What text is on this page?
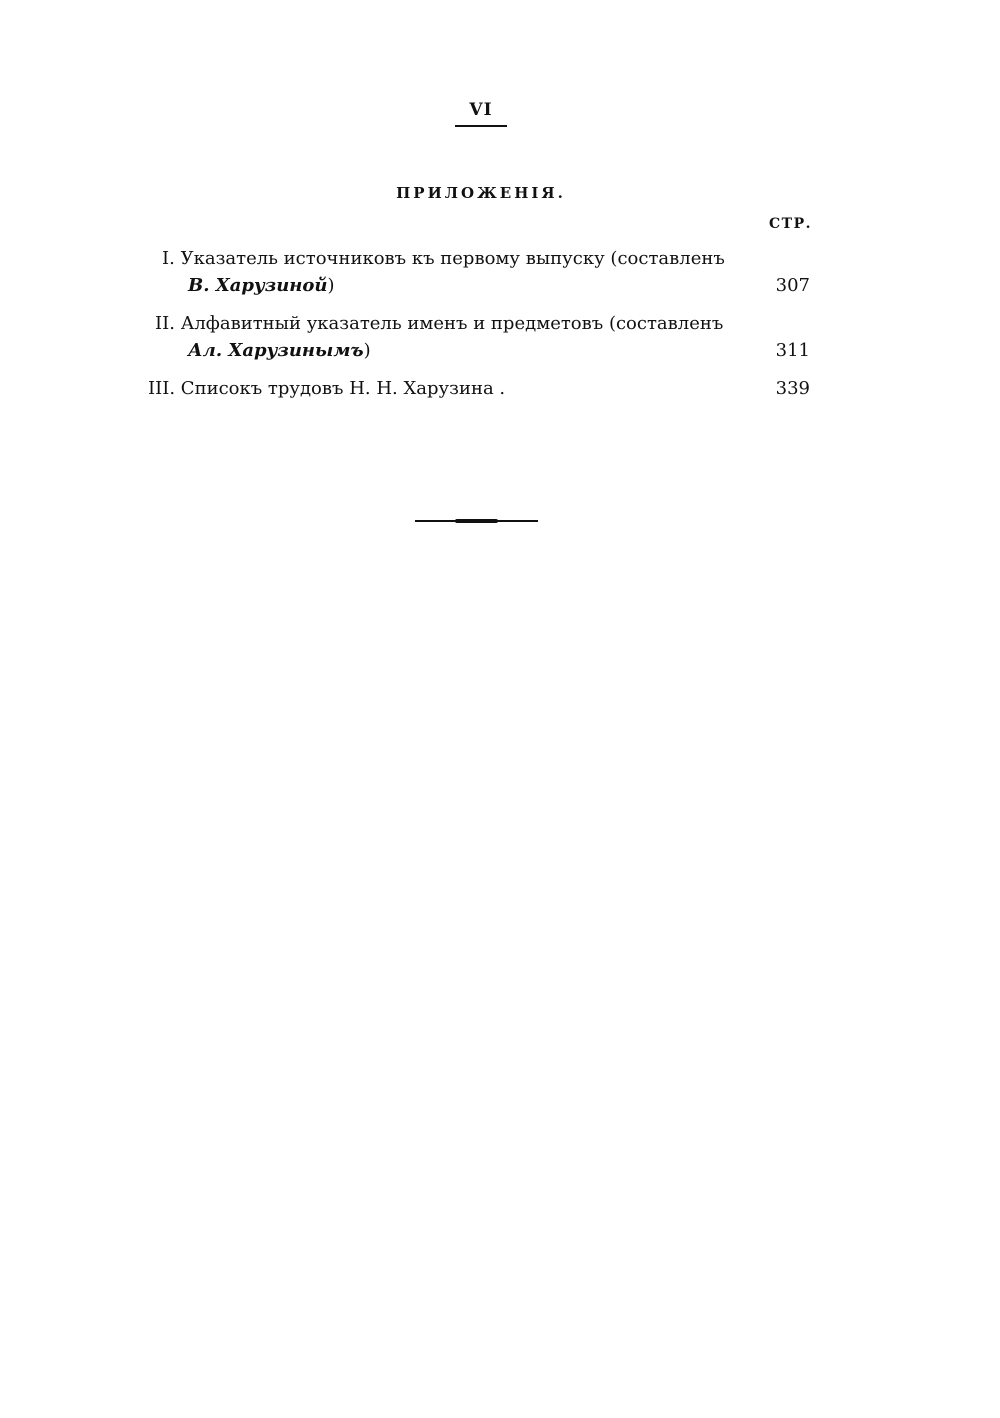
VI
ПРИЛОЖЕНІЯ.
СТР.
I. Указатель источниковъ къ первому выпуску (составленъ
В. Харузиной)	307
II. Алфавитный указатель именъ и предметовъ (составленъ
Ал. Харузинымъ)	311
III. Списокъ трудовъ Н. Н. Харузина .	339
